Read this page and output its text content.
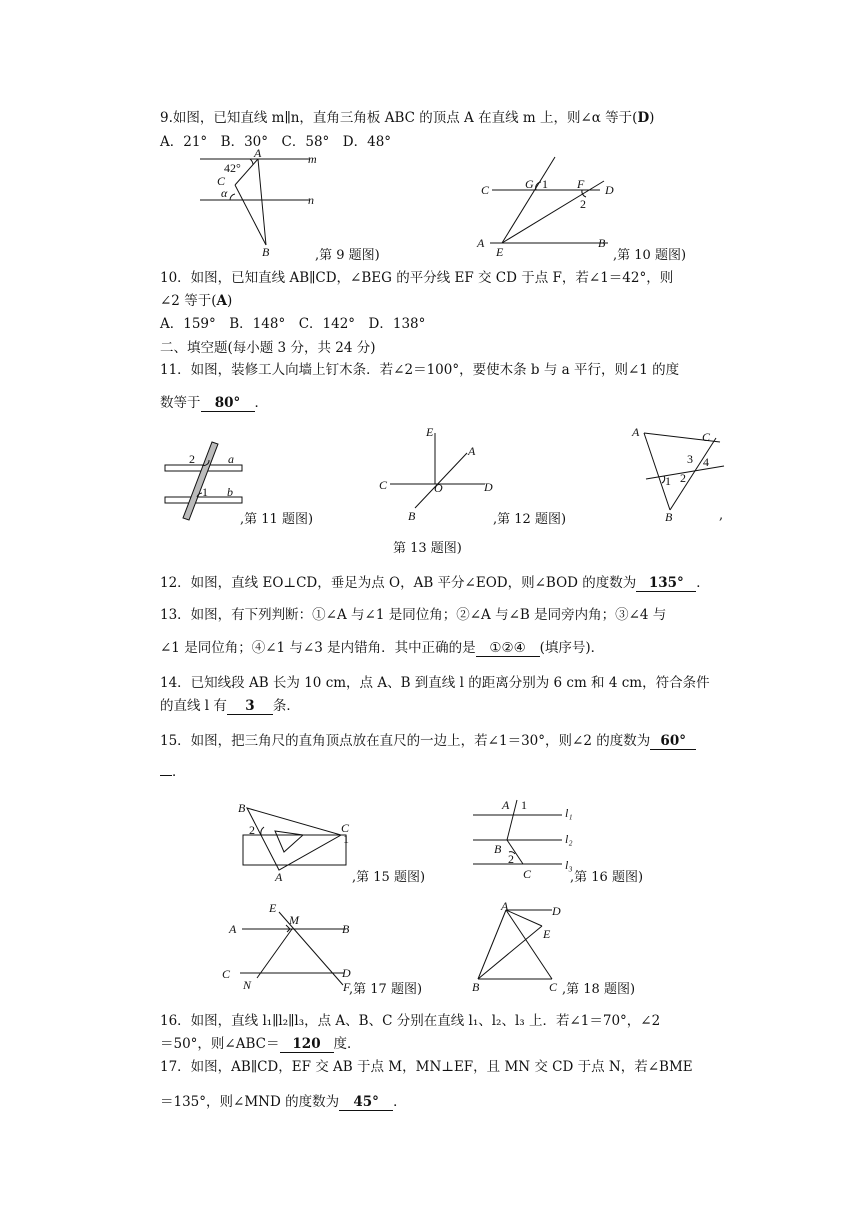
9.如图，已知直线 m∥n，直角三角板 ABC 的顶点 A 在直线 m 上，则∠α 等于(D)
A．21°　B．30°　C．58°　D．48°
A	m
n
C
B
α
42°
,第 9 题图)
C	G 1 F D
2
A
E
B
,第 10 题图)
10．如图，已知直线 AB∥CD，∠BEG 的平分线 EF 交 CD 于点 F，若∠1＝42°，则
∠2 等于(A)
A．159°　B．148°　C．142°　D．138°
二、填空题(每小题 3 分，共 24 分)
11．如图，装修工人向墙上钉木条．若∠2＝100°，要使木条 b 与 a 平行，则∠1 的度
数等于 80° ．
2	a
1 b
,第 11 题图)
E
A
C	O	D
B	,第 12 题图)
A	C
3 4
1 2
B	,
第 13 题图)
12．如图，直线 EO⊥CD，垂足为点 O，AB 平分∠EOD，则∠BOD 的度数为 135° ．
13．如图，有下列判断：①∠A 与∠1 是同位角；②∠A 与∠B 是同旁内角；③∠4 与
∠1 是同位角；④∠1 与∠3 是内错角．其中正确的是 ①②④ (填序号)．
14．已知线段 AB 长为 10 cm，点 A、B 到直线 l 的距离分别为 6 cm 和 4 cm，符合条件
的直线 l 有 3 条．
15．如图，把三角尺的直角顶点放在直尺的一边上，若∠1＝30°，则∠2 的度数为 60°
．
B
C
2
1
A	,第 15 题图)
A 1
l₁
l₂
B
2	l₃
C	,第 16 题图)
E
M
A	B
C
N
D
F
,第 17 题图)
A	D
E
B	C ,第 18 题图)
16．如图，直线 l₁∥l₂∥l₃，点 A、B、C 分别在直线 l₁、l₂、l₃ 上．若∠1＝70°，∠2
＝50°，则∠ABC＝ 120 度．
17．如图，AB∥CD，EF 交 AB 于点 M，MN⊥EF，且 MN 交 CD 于点 N，若∠BME
＝135°，则∠MND 的度数为 45° ．
